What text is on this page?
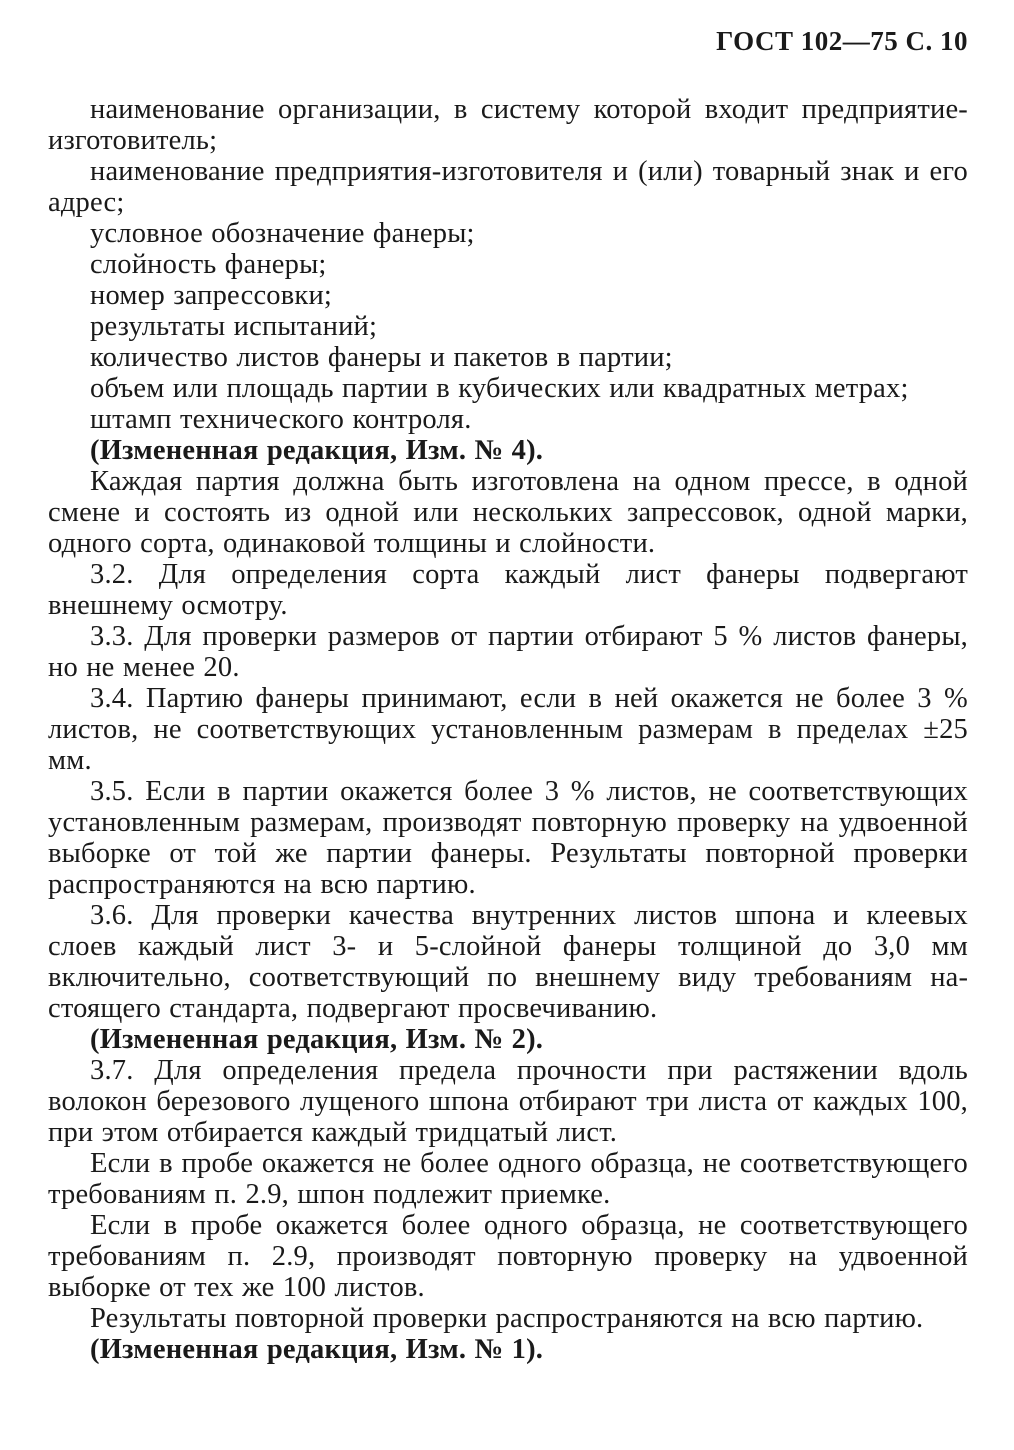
ГОСТ 102—75 С. 10

наименование организации, в систему которой входит предприятие-изготовитель;

наименование предприятия-изготовителя и (или) товарный знак и его адрес;

условное обозначение фанеры;

слойность фанеры;

номер запрессовки;

результаты испытаний;

количество листов фанеры и пакетов в партии;

объем или площадь партии в кубических или квадратных метрах;

штамп технического контроля.

(Измененная редакция, Изм. № 4).

Каждая партия должна быть изготовлена на одном прессе, в одной смене и состоять из одной или нескольких запрессовок, одной марки, одного сорта, одинаковой толщины и слойности.

3.2. Для определения сорта каждый лист фанеры подвергают внешнему осмотру.

3.3. Для проверки размеров от партии отбирают 5 % листов фанеры, но не менее 20.

3.4. Партию фанеры принимают, если в ней окажется не более 3 % листов, не соответствующих установленным размерам в пределах ±25 мм.

3.5. Если в партии окажется более 3 % листов, не соответствующих установленным размерам, производят повторную проверку на удвоенной выборке от той же партии фанеры. Результаты повторной проверки распространяются на всю партию.

3.6. Для проверки качества внутренних листов шпона и клеевых слоев каждый лист 3- и 5-слойной фанеры толщиной до 3,0 мм включительно, соответствующий по внешнему виду требованиям настоящего стандарта, подвергают просвечиванию.

(Измененная редакция, Изм. № 2).

3.7. Для определения предела прочности при растяжении вдоль волокон березового лущеного шпона отбирают три листа от каждых 100, при этом отбирается каждый тридцатый лист.

Если в пробе окажется не более одного образца, не соответствующего требованиям п. 2.9, шпон подлежит приемке.

Если в пробе окажется более одного образца, не соответствующего требованиям п. 2.9, производят повторную проверку на удвоенной выборке от тех же 100 листов.

Результаты повторной проверки распространяются на всю партию.

(Измененная редакция, Изм. № 1).
